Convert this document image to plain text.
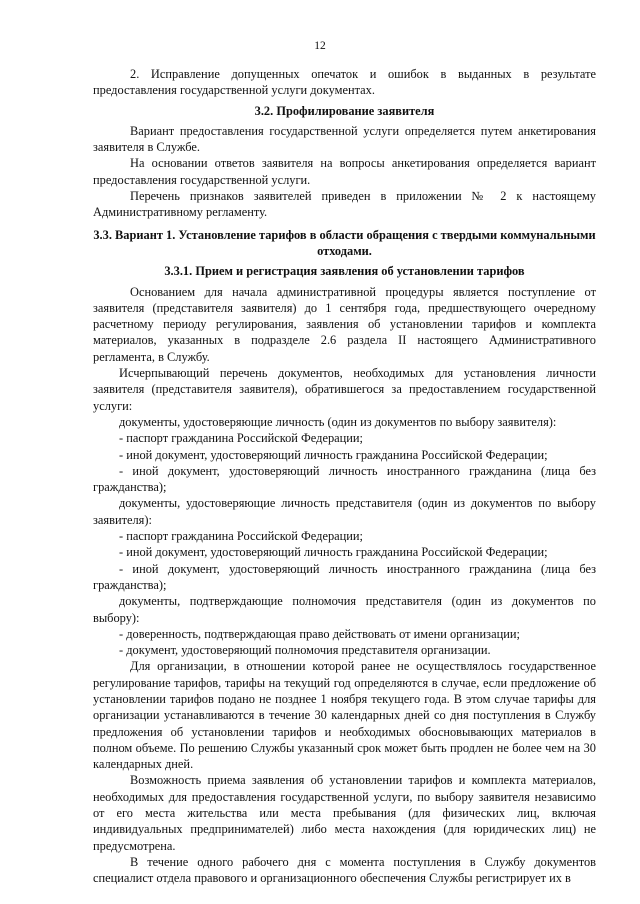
12

2. Исправление допущенных опечаток и ошибок в выданных в результате предоставления государственной услуги документах.

3.2. Профилирование заявителя

Вариант предоставления государственной услуги определяется путем анкетирования заявителя в Службе.

На основании ответов заявителя на вопросы анкетирования определяется вариант предоставления государственной услуги.

Перечень признаков заявителей приведен в приложении № 2 к настоящему Административному регламенту.

3.3. Вариант 1. Установление тарифов в области обращения с твердыми коммунальными отходами.

3.3.1. Прием и регистрация заявления об установлении тарифов

Основанием для начала административной процедуры является поступление от заявителя (представителя заявителя) до 1 сентября года, предшествующего очередному расчетному периоду регулирования, заявления об установлении тарифов и комплекта материалов, указанных в подразделе 2.6 раздела II настоящего Административного регламента, в Службу.

Исчерпывающий перечень документов, необходимых для установления личности заявителя (представителя заявителя), обратившегося за предоставлением государственной услуги:

документы, удостоверяющие личность (один из документов по выбору заявителя):

- паспорт гражданина Российской Федерации;

- иной документ, удостоверяющий личность гражданина Российской Федерации;

- иной документ, удостоверяющий личность иностранного гражданина (лица без гражданства);

документы, удостоверяющие личность представителя (один из документов по выбору заявителя):

- паспорт гражданина Российской Федерации;

- иной документ, удостоверяющий личность гражданина Российской Федерации;

- иной документ, удостоверяющий личность иностранного гражданина (лица без гражданства);

документы, подтверждающие полномочия представителя (один из документов по выбору):

- доверенность, подтверждающая право действовать от имени организации;

- документ, удостоверяющий полномочия представителя организации.

Для организации, в отношении которой ранее не осуществлялось государственное регулирование тарифов, тарифы на текущий год определяются в случае, если предложение об установлении тарифов подано не позднее 1 ноября текущего года. В этом случае тарифы для организации устанавливаются в течение 30 календарных дней со дня поступления в Службу предложения об установлении тарифов и необходимых обосновывающих материалов в полном объеме. По решению Службы указанный срок может быть продлен не более чем на 30 календарных дней.

Возможность приема заявления об установлении тарифов и комплекта материалов, необходимых для предоставления государственной услуги, по выбору заявителя независимо от его места жительства или места пребывания (для физических лиц, включая индивидуальных предпринимателей) либо места нахождения (для юридических лиц) не предусмотрена.

В течение одного рабочего дня с момента поступления в Службу документов специалист отдела правового и организационного обеспечения Службы регистрирует их в
